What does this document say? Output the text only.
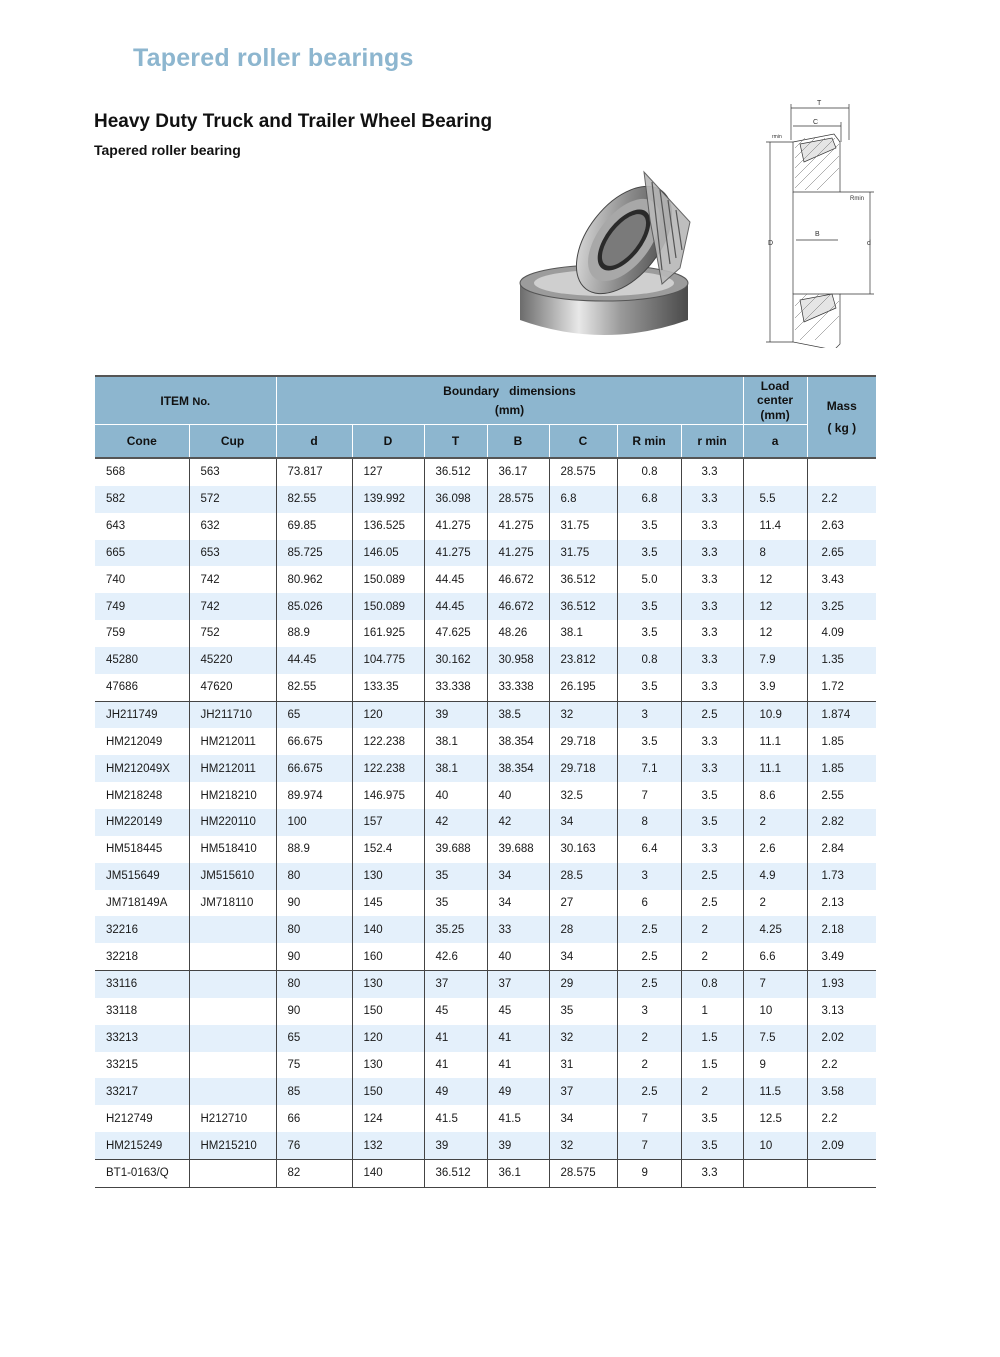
Tapered roller bearings
Heavy Duty Truck and Trailer Wheel Bearing
Tapered roller bearing
T
C
rmin
Rmin
B
D	d
ITEM No.		Boundary   dimensions
(mm)							Load
center
(mm)	Mass
( kg )

Cone	Cup	d	D	T	B	C	R min	r min	a	
568	563	73.817	127	36.512	36.17	28.575	0.8	3.3		
582	572	82.55	139.992	36.098	28.575	6.8	6.8	3.3	5.5	2.2
643	632	69.85	136.525	41.275	41.275	31.75	3.5	3.3	11.4	2.63
665	653	85.725	146.05	41.275	41.275	31.75	3.5	3.3	8	2.65
740	742	80.962	150.089	44.45	46.672	36.512	5.0	3.3	12	3.43
749	742	85.026	150.089	44.45	46.672	36.512	3.5	3.3	12	3.25
759	752	88.9	161.925	47.625	48.26	38.1	3.5	3.3	12	4.09
45280	45220	44.45	104.775	30.162	30.958	23.812	0.8	3.3	7.9	1.35
47686	47620	82.55	133.35	33.338	33.338	26.195	3.5	3.3	3.9	1.72
JH211749	JH211710	65	120	39	38.5	32	3	2.5	10.9	1.874
HM212049	HM212011	66.675	122.238	38.1	38.354	29.718	3.5	3.3	11.1	1.85
HM212049X	HM212011	66.675	122.238	38.1	38.354	29.718	7.1	3.3	11.1	1.85
HM218248	HM218210	89.974	146.975	40	40	32.5	7	3.5	8.6	2.55
HM220149	HM220110	100	157	42	42	34	8	3.5	2	2.82
HM518445	HM518410	88.9	152.4	39.688	39.688	30.163	6.4	3.3	2.6	2.84
JM515649	JM515610	80	130	35	34	28.5	3	2.5	4.9	1.73
JM718149A	JM718110	90	145	35	34	27	6	2.5	2	2.13
32216		80	140	35.25	33	28	2.5	2	4.25	2.18
32218		90	160	42.6	40	34	2.5	2	6.6	3.49
33116		80	130	37	37	29	2.5	0.8	7	1.93
33118		90	150	45	45	35	3	1	10	3.13
33213		65	120	41	41	32	2	1.5	7.5	2.02
33215		75	130	41	41	31	2	1.5	9	2.2
33217		85	150	49	49	37	2.5	2	11.5	3.58
H212749	H212710	66	124	41.5	41.5	34	7	3.5	12.5	2.2
HM215249	HM215210	76	132	39	39	32	7	3.5	10	2.09
BT1-0163/Q		82	140	36.512	36.1	28.575	9	3.3		
